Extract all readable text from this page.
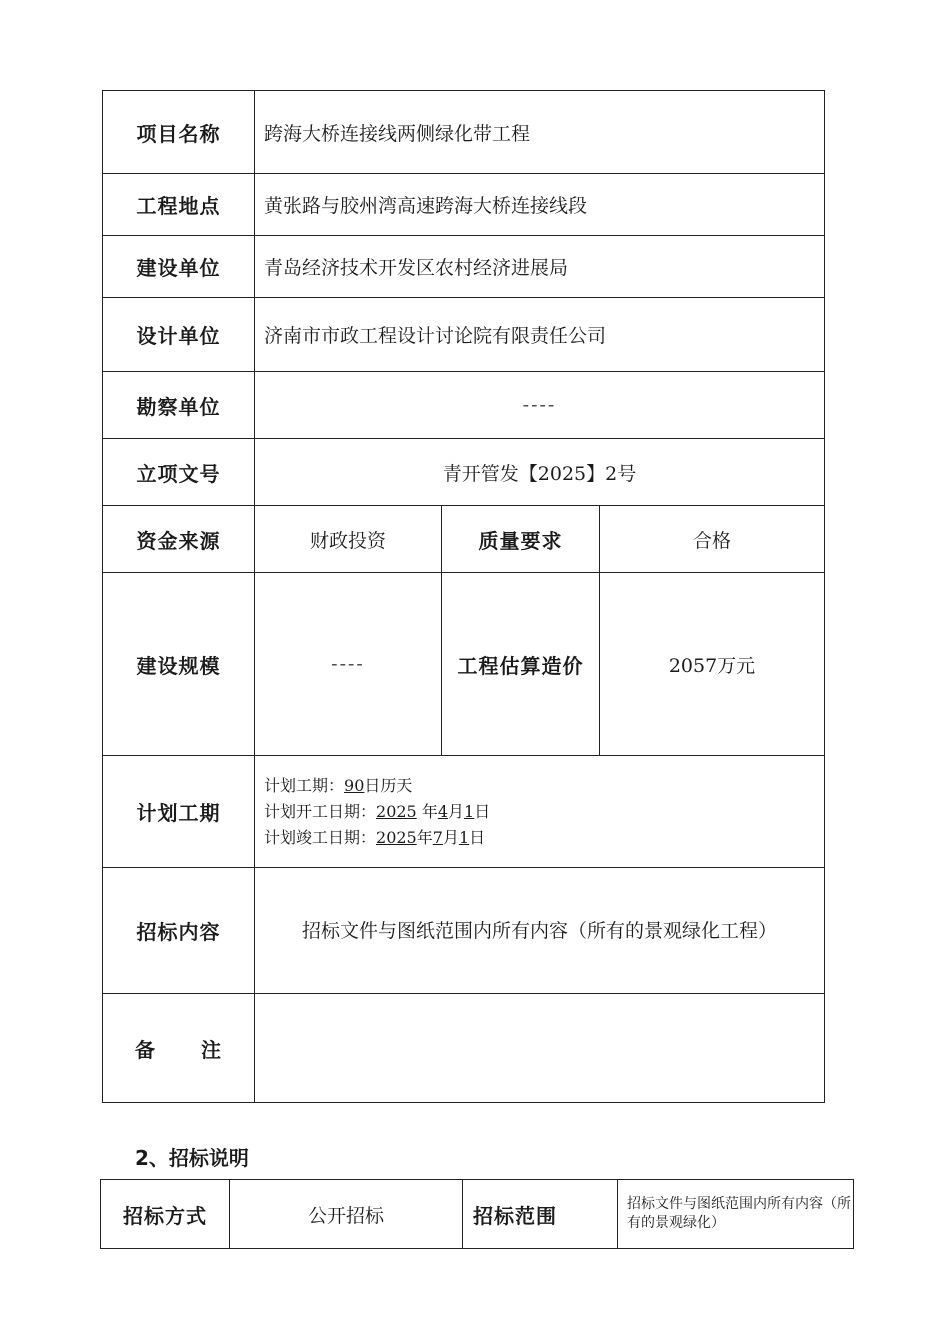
项目名称	跨海大桥连接线两侧绿化带工程		
工程地点	黄张路与胶州湾高速跨海大桥连接线段		
建设单位	青岛经济技术开发区农村经济进展局		
设计单位	济南市市政工程设计讨论院有限责任公司		
勘察单位	----		
立项文号	青开管发【2025】2号		
资金来源	财政投资	质量要求	合格
建设规模	----	工程估算造价	2057万元
计划工期	计划工期：90日历天
计划开工日期：2025 年4月1日
计划竣工日期：2025年7月1日		

招标内容	招标文件与图纸范围内所有内容（所有的景观绿化工程）		

备 注			

2、招标说明
招标方式	公开招标	招标范围	招标文件与图纸范围内所有内容（所有的景观绿化）
